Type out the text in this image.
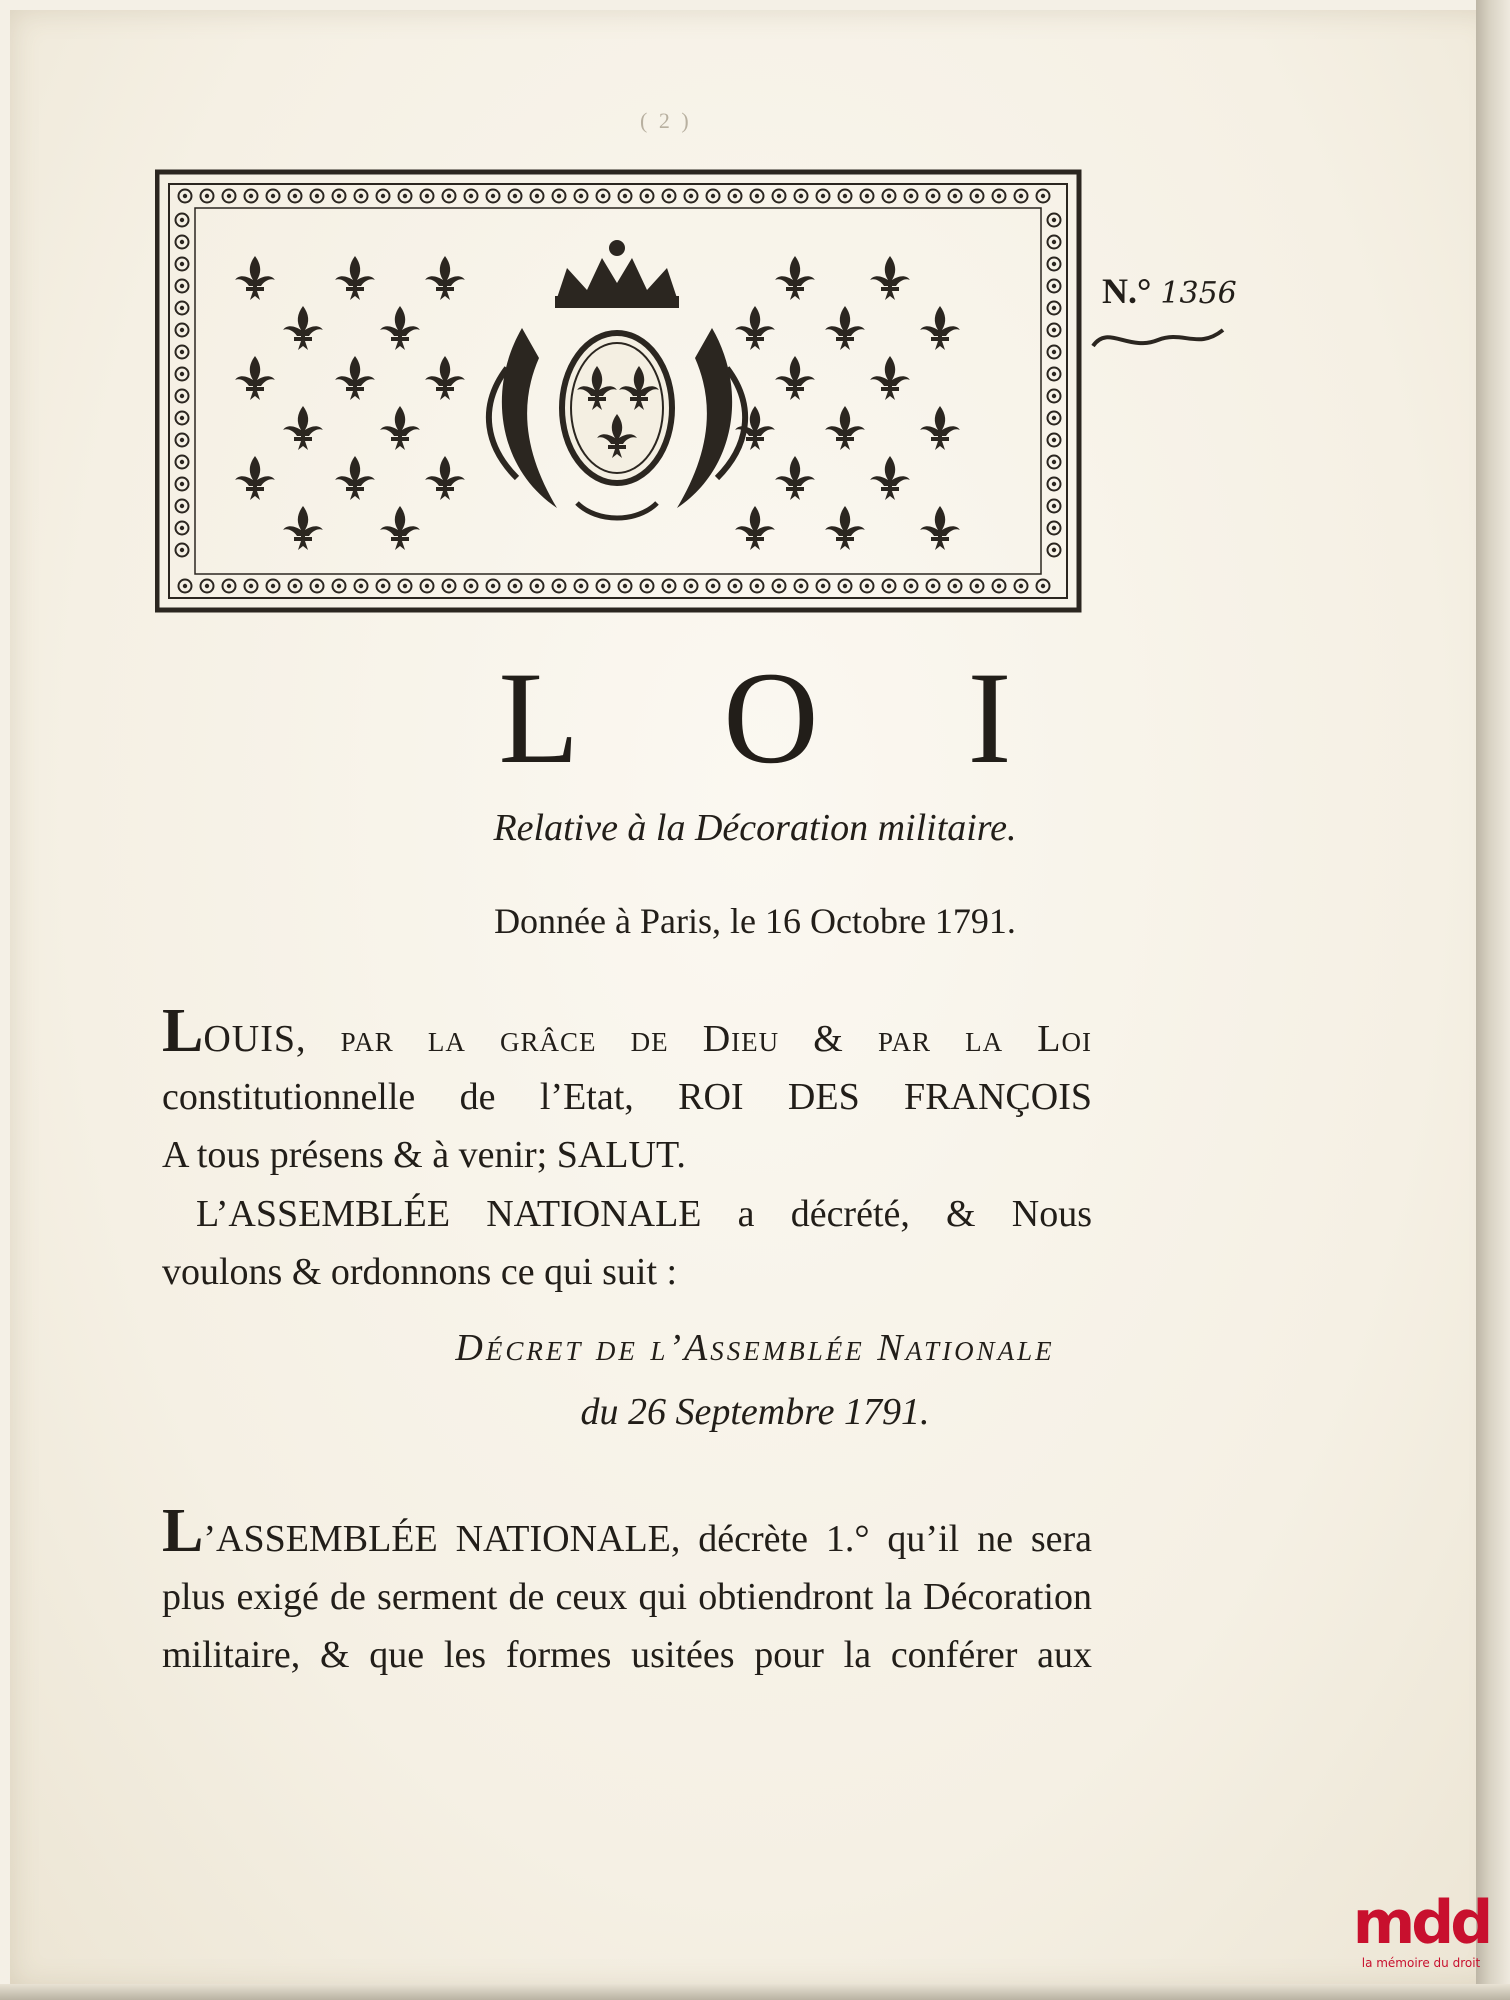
( 2 )
N.° 1356
L O I
Relative à la Décoration militaire.
Donnée à Paris, le 16 Octobre 1791.
LOUIS, par la grâce de Dieu & par la Loi
constitutionnelle de l’Etat, ROI DES FRANÇOIS
A tous présens & à venir; SALUT.
L’ASSEMBLÉE NATIONALE a décrété, & Nous
voulons & ordonnons ce qui suit :
Décret de l’Assemblée Nationale
du 26 Septembre 1791.
L’ASSEMBLÉE NATIONALE, décrète 1.° qu’il ne sera
plus exigé de serment de ceux qui obtiendront la Décoration
militaire, & que les formes usitées pour la conférer aux
mdd
la mémoire du droit
